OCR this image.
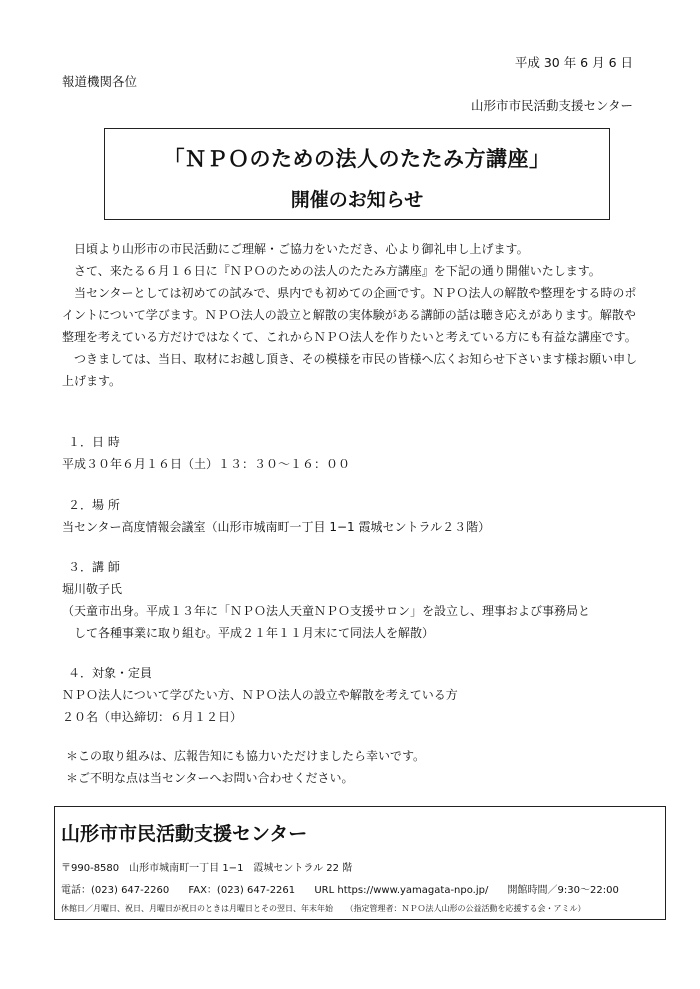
平成 30 年 6 月 6 日
報道機関各位
山形市市民活動支援センター
「ＮＰＯのための法人のたたみ方講座」
開催のお知らせ

日頃より山形市の市民活動にご理解・ご協力をいただき、心より御礼申し上げます。

さて、来たる６月１６日に『ＮＰＯのための法人のたたみ方講座』を下記の通り開催いたします。

当センターとしては初めての試みで、県内でも初めての企画です。ＮＰＯ法人の解散や整理をする時のポイントについて学びます。ＮＰＯ法人の設立と解散の実体験がある講師の話は聴き応えがあります。解散や整理を考えている方だけではなくて、これからＮＰＯ法人を作りたいと考えている方にも有益な講座です。

つきましては、当日、取材にお越し頂き、その模様を市民の皆様へ広くお知らせ下さいます様お願い申し上げます。

１．日 時

平成３０年６月１６日（土）１３：３０～１６：００

２．場 所

当センター高度情報会議室（山形市城南町一丁目 1−1 霞城セントラル２３階）

３．講 師

堀川敬子氏

（天童市出身。平成１３年に「ＮＰＯ法人天童ＮＰＯ支援サロン」を設立し、理事および事務局と

して各種事業に取り組む。平成２１年１１月末にて同法人を解散）

４．対象・定員

ＮＰＯ法人について学びたい方、ＮＰＯ法人の設立や解散を考えている方

２０名（申込締切：６月１２日）

＊この取り組みは、広報告知にも協力いただけましたら幸いです。

＊ご不明な点は当センターへお問い合わせください。

山形市市民活動支援センター
〒990-8580　山形市城南町一丁目 1−1　霞城セントラル 22 階
電話：(023) 647-2260 FAX：(023) 647-2261 URL https://www.yamagata-npo.jp/ 開館時間／9:30～22:00
休館日／月曜日、祝日、月曜日が祝日のときは月曜日とその翌日、年末年始 （指定管理者：ＮＰＯ法人山形の公益活動を応援する会・アミル）
